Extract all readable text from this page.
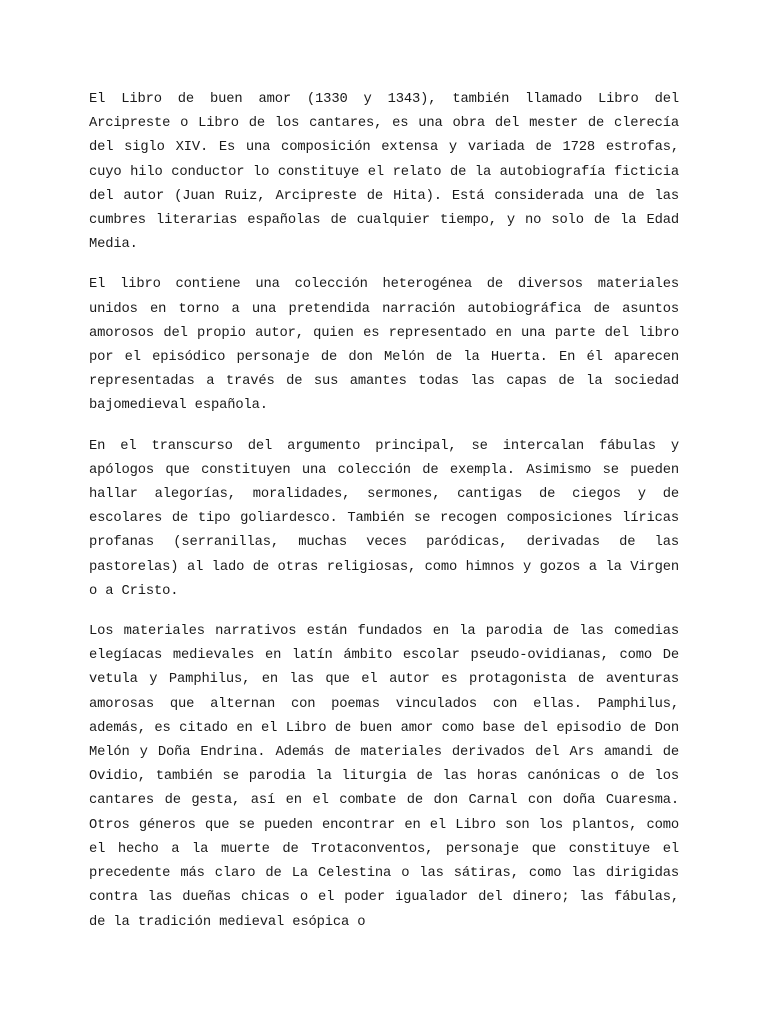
El Libro de buen amor (1330 y 1343), también llamado Libro del Arcipreste o Libro de los cantares, es una obra del mester de clerecía del siglo XIV. Es una composición extensa y variada de 1728 estrofas, cuyo hilo conductor lo constituye el relato de la autobiografía ficticia del autor (Juan Ruiz, Arcipreste de Hita). Está considerada una de las cumbres literarias españolas de cualquier tiempo, y no solo de la Edad Media.

El libro contiene una colección heterogénea de diversos materiales unidos en torno a una pretendida narración autobiográfica de asuntos amorosos del propio autor, quien es representado en una parte del libro por el episódico personaje de don Melón de la Huerta. En él aparecen representadas a través de sus amantes todas las capas de la sociedad bajomedieval española.

En el transcurso del argumento principal, se intercalan fábulas y apólogos que constituyen una colección de exempla. Asimismo se pueden hallar alegorías, moralidades, sermones, cantigas de ciegos y de escolares de tipo goliardesco. También se recogen composiciones líricas profanas (serranillas, muchas veces paródicas, derivadas de las pastorelas) al lado de otras religiosas, como himnos y gozos a la Virgen o a Cristo.

Los materiales narrativos están fundados en la parodia de las comedias elegíacas medievales en latín ámbito escolar pseudo-ovidianas, como De vetula y Pamphilus, en las que el autor es protagonista de aventuras amorosas que alternan con poemas vinculados con ellas. Pamphilus, además, es citado en el Libro de buen amor como base del episodio de Don Melón y Doña Endrina. Además de materiales derivados del Ars amandi de Ovidio, también se parodia la liturgia de las horas canónicas o de los cantares de gesta, así en el combate de don Carnal con doña Cuaresma. Otros géneros que se pueden encontrar en el Libro son los plantos, como el hecho a la muerte de Trotaconventos, personaje que constituye el precedente más claro de La Celestina o las sátiras, como las dirigidas contra las dueñas chicas o el poder igualador del dinero; las fábulas, de la tradición medieval esópica o
